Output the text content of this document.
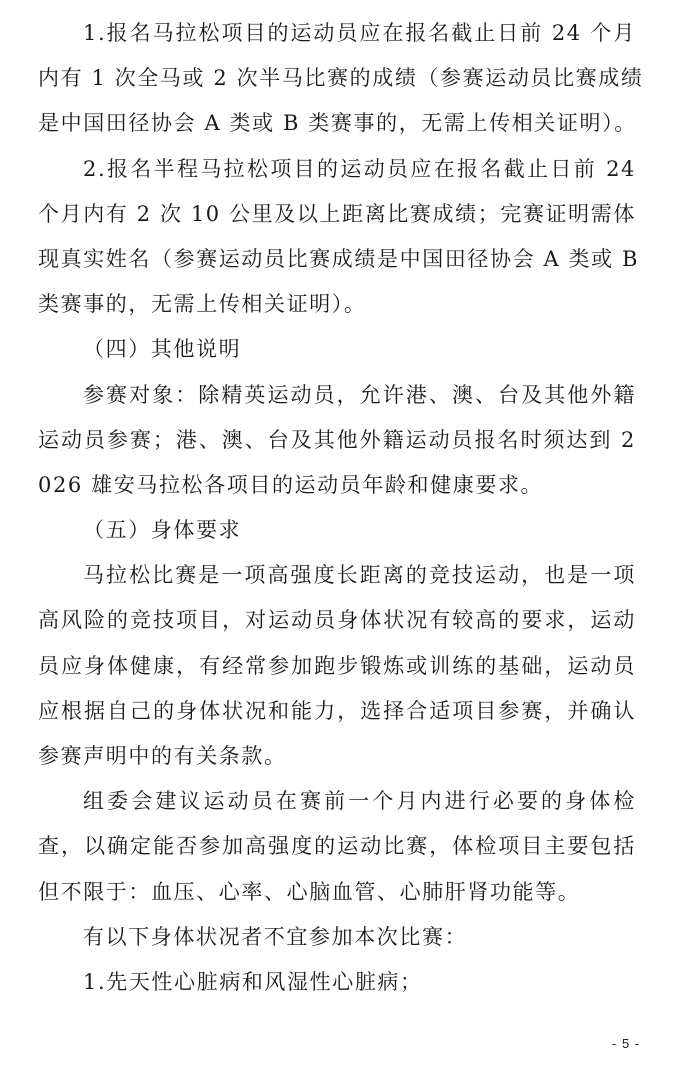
1.报名马拉松项目的运动员应在报名截止日前 24 个月
内有 1 次全马或 2 次半马比赛的成绩（参赛运动员比赛成绩
是中国田径协会 A 类或 B 类赛事的，无需上传相关证明）。
2.报名半程马拉松项目的运动员应在报名截止日前 24
个月内有 2 次 10 公里及以上距离比赛成绩；完赛证明需体
现真实姓名（参赛运动员比赛成绩是中国田径协会 A 类或 B
类赛事的，无需上传相关证明）。
（四）其他说明
参赛对象：除精英运动员，允许港、澳、台及其他外籍
运动员参赛；港、澳、台及其他外籍运动员报名时须达到 2
026 雄安马拉松各项目的运动员年龄和健康要求。
（五）身体要求
马拉松比赛是一项高强度长距离的竞技运动，也是一项
高风险的竞技项目，对运动员身体状况有较高的要求，运动
员应身体健康，有经常参加跑步锻炼或训练的基础，运动员
应根据自己的身体状况和能力，选择合适项目参赛，并确认
参赛声明中的有关条款。
组委会建议运动员在赛前一个月内进行必要的身体检
查，以确定能否参加高强度的运动比赛，体检项目主要包括
但不限于：血压、心率、心脑血管、心肺肝肾功能等。
有以下身体状况者不宜参加本次比赛：
1.先天性心脏病和风湿性心脏病；
- 5 -
